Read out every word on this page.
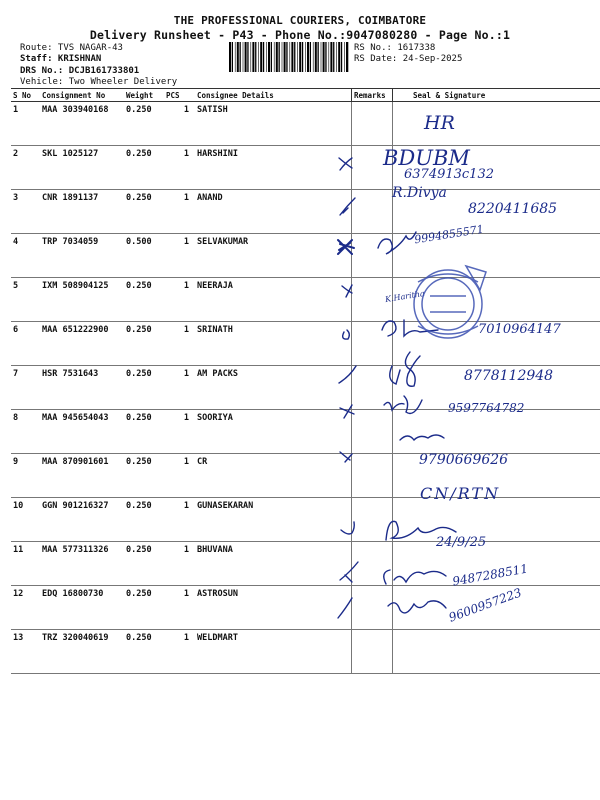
THE PROFESSIONAL COURIERS, COIMBATORE
Delivery Runsheet - P43 - Phone No.:9047080280 - Page No.:1
Route: TVS NAGAR-43
Staff: KRISHNAN
DRS No.: DCJB161733801
Vehicle: Two Wheeler Delivery
RS No.: 1617338
RS Date: 24-Sep-2025
S No	Consignment No	Weight	PCS	Consignee Details	Remarks	Seal & Signature
1	MAA 303940168	0.250	1	SATISH		
2	SKL 1025127	0.250	1	HARSHINI		
3	CNR 1891137	0.250	1	ANAND		
4	TRP 7034059	0.500	1	SELVAKUMAR		
5	IXM 508904125	0.250	1	NEERAJA		
6	MAA 651222900	0.250	1	SRINATH		
7	HSR 7531643	0.250	1	AM PACKS		
8	MAA 945654043	0.250	1	SOORIYA		
9	MAA 870901601	0.250	1	CR		
10	GGN 901216327	0.250	1	GUNASEKARAN		
11	MAA 577311326	0.250	1	BHUVANA		
12	EDQ 16800730	0.250	1	ASTROSUN		
13	TRZ 320040619	0.250	1	WELDMART		
HR
BDUBM
6374913c132
R.Divya
8220411685
9994855571
K.Haritha
7010964147
8778112948
9597764782
9790669626
CN/RTN
24/9/25
9487288511
9600957223
